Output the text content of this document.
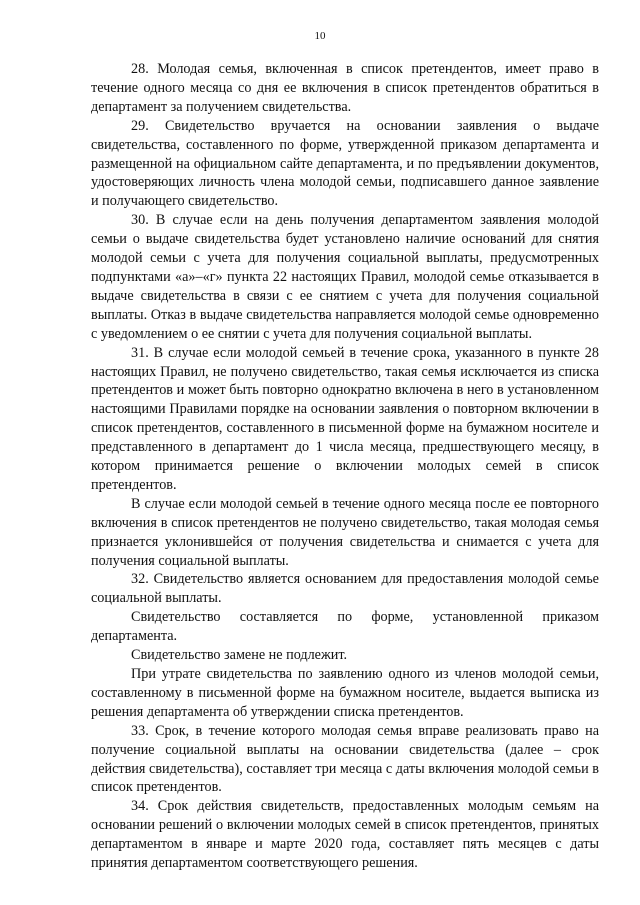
10

28. Молодая семья, включенная в список претендентов, имеет право в течение одного месяца со дня ее включения в список претендентов обратиться в департамент за получением свидетельства.

29. Свидетельство вручается на основании заявления о выдаче свидетельства, составленного по форме, утвержденной приказом департамента и размещенной на официальном сайте департамента, и по предъявлении документов, удостоверяющих личность члена молодой семьи, подписавшего данное заявление и получающего свидетельство.

30. В случае если на день получения департаментом заявления молодой семьи о выдаче свидетельства будет установлено наличие оснований для снятия молодой семьи с учета для получения социальной выплаты, предусмотренных подпунктами «а»–«г» пункта 22 настоящих Правил, молодой семье отказывается в выдаче свидетельства в связи с ее снятием с учета для получения социальной выплаты. Отказ в выдаче свидетельства направляется молодой семье одновременно с уведомлением о ее снятии с учета для получения социальной выплаты.

31. В случае если молодой семьей в течение срока, указанного в пункте 28 настоящих Правил, не получено свидетельство, такая семья исключается из списка претендентов и может быть повторно однократно включена в него в установленном настоящими Правилами порядке на основании заявления о повторном включении в список претендентов, составленного в письменной форме на бумажном носителе и представленного в департамент до 1 числа месяца, предшествующего месяцу, в котором принимается решение о включении молодых семей в список претендентов.

В случае если молодой семьей в течение одного месяца после ее повторного включения в список претендентов не получено свидетельство, такая молодая семья признается уклонившейся от получения свидетельства и снимается с учета для получения социальной выплаты.

32. Свидетельство является основанием для предоставления молодой семье социальной выплаты.

Свидетельство составляется по форме, установленной приказом департамента.

Свидетельство замене не подлежит.

При утрате свидетельства по заявлению одного из членов молодой семьи, составленному в письменной форме на бумажном носителе, выдается выписка из решения департамента об утверждении списка претендентов.

33. Срок, в течение которого молодая семья вправе реализовать право на получение социальной выплаты на основании свидетельства (далее – срок действия свидетельства), составляет три месяца с даты включения молодой семьи в список претендентов.

34. Срок действия свидетельств, предоставленных молодым семьям на основании решений о включении молодых семей в список претендентов, принятых департаментом в январе и марте 2020 года, составляет пять месяцев с даты принятия департаментом соответствующего решения.
